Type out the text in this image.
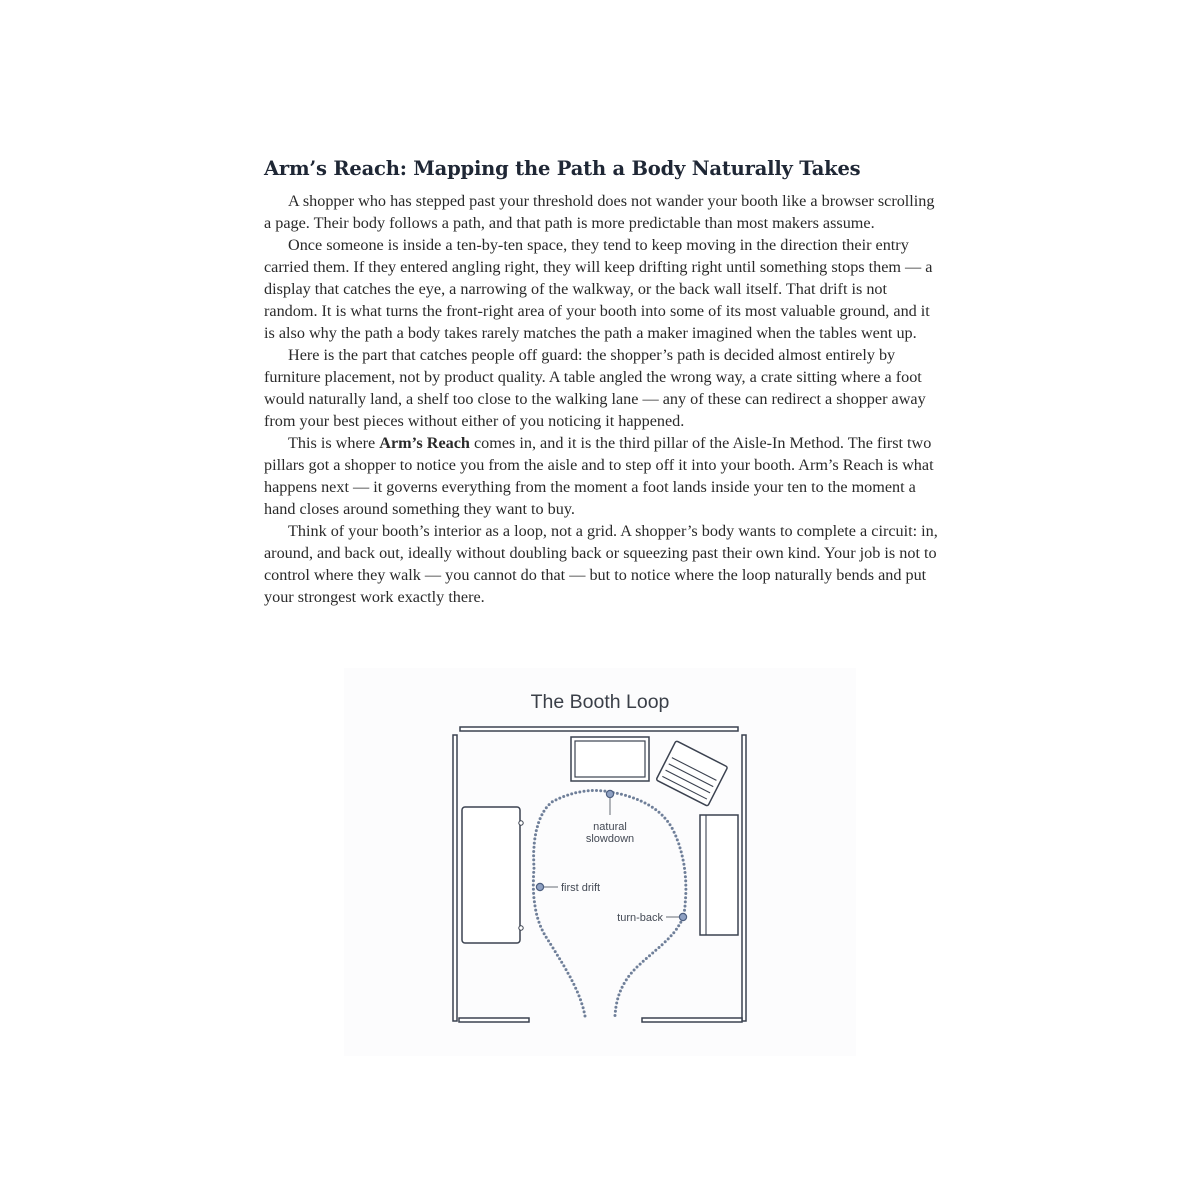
Arm’s Reach: Mapping the Path a Body Naturally Takes

A shopper who has stepped past your threshold does not wander your booth like a browser scrolling a page. Their body follows a path, and that path is more predictable than most makers assume.

Once someone is inside a ten-by-ten space, they tend to keep moving in the direction their entry carried them. If they entered angling right, they will keep drifting right until something stops them — a display that catches the eye, a narrowing of the walkway, or the back wall itself. That drift is not random. It is what turns the front-right area of your booth into some of its most valuable ground, and it is also why the path a body takes rarely matches the path a maker imagined when the tables went up.

Here is the part that catches people off guard: the shopper’s path is decided almost entirely by furniture placement, not by product quality. A table angled the wrong way, a crate sitting where a foot would naturally land, a shelf too close to the walking lane — any of these can redirect a shopper away from your best pieces without either of you noticing it happened.

This is where Arm’s Reach comes in, and it is the third pillar of the Aisle-In Method. The first two pillars got a shopper to notice you from the aisle and to step off it into your booth. Arm’s Reach is what happens next — it governs everything from the moment a foot lands inside your ten to the moment a hand closes around something they want to buy.

Think of your booth’s interior as a loop, not a grid. A shopper’s body wants to complete a circuit: in, around, and back out, ideally without doubling back or squeezing past their own kind. Your job is not to control where they walk — you cannot do that — but to notice where the loop naturally bends and put your strongest work exactly there.

The Booth Loop
natural
slowdown
first drift
turn-back
